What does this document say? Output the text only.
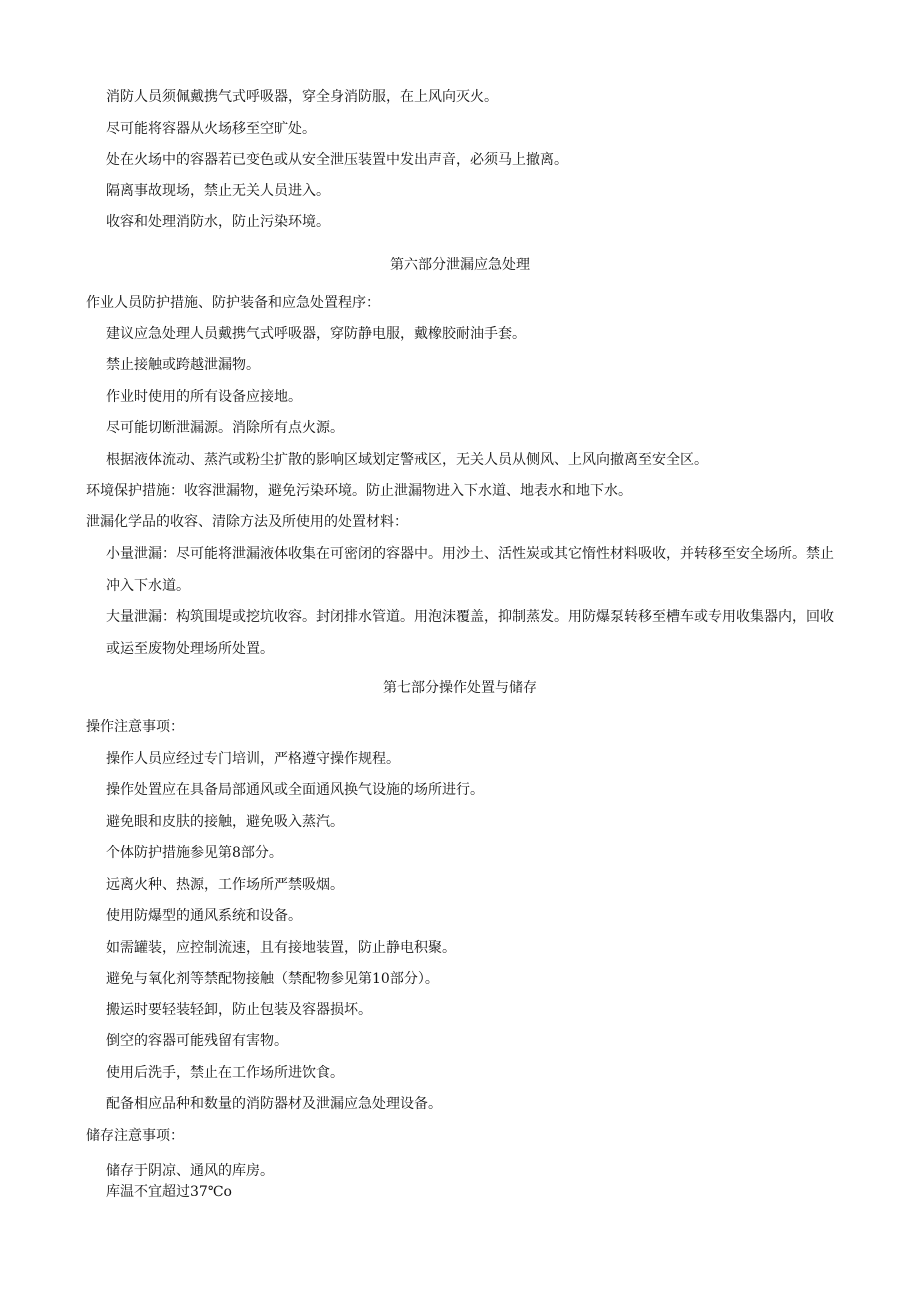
消防人员须佩戴携气式呼吸器，穿全身消防服，在上风向灭火。
尽可能将容器从火场移至空旷处。
处在火场中的容器若已变色或从安全泄压装置中发出声音，必须马上撤离。
隔离事故现场，禁止无关人员进入。
收容和处理消防水，防止污染环境。
第六部分泄漏应急处理
作业人员防护措施、防护装备和应急处置程序：
建议应急处理人员戴携气式呼吸器，穿防静电服，戴橡胶耐油手套。
禁止接触或跨越泄漏物。
作业时使用的所有设备应接地。
尽可能切断泄漏源。消除所有点火源。
根据液体流动、蒸汽或粉尘扩散的影响区域划定警戒区，无关人员从侧风、上风向撤离至安全区。
环境保护措施：收容泄漏物，避免污染环境。防止泄漏物进入下水道、地表水和地下水。
泄漏化学品的收容、清除方法及所使用的处置材料：
小量泄漏：尽可能将泄漏液体收集在可密闭的容器中。用沙土、活性炭或其它惰性材料吸收，并转移至安全场所。禁止冲入下水道。
大量泄漏：构筑围堤或挖坑收容。封闭排水管道。用泡沫覆盖，抑制蒸发。用防爆泵转移至槽车或专用收集器内，回收或运至废物处理场所处置。
第七部分操作处置与储存
操作注意事项：
操作人员应经过专门培训，严格遵守操作规程。
操作处置应在具备局部通风或全面通风换气设施的场所进行。
避免眼和皮肤的接触，避免吸入蒸汽。
个体防护措施参见第8部分。
远离火种、热源，工作场所严禁吸烟。
使用防爆型的通风系统和设备。
如需罐装，应控制流速，且有接地装置，防止静电积聚。
避免与氧化剂等禁配物接触（禁配物参见第10部分）。
搬运时要轻装轻卸，防止包装及容器损坏。
倒空的容器可能残留有害物。
使用后洗手，禁止在工作场所进饮食。
配备相应品种和数量的消防器材及泄漏应急处理设备。
储存注意事项：
储存于阴凉、通风的库房。
库温不宜超过37℃o
